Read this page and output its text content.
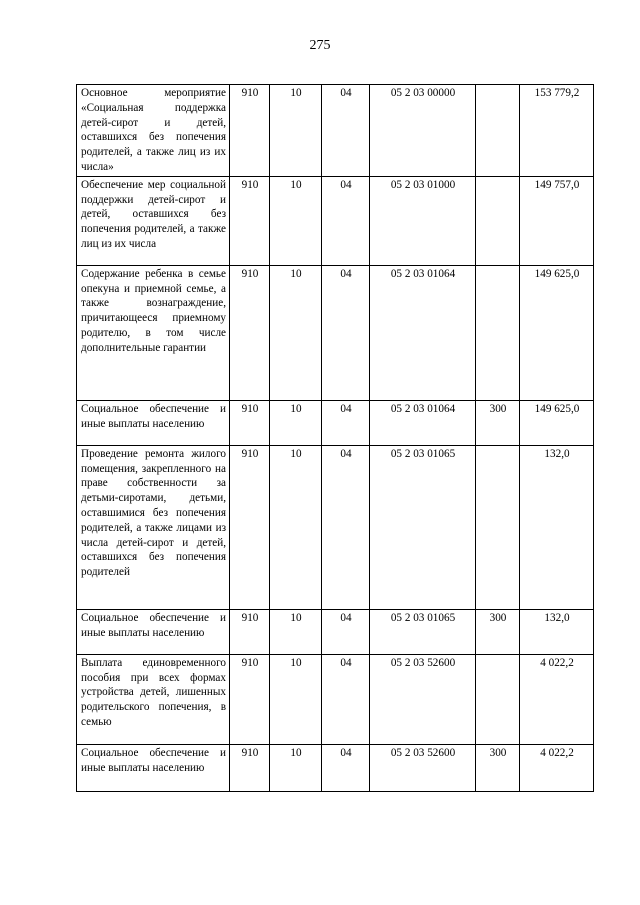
275
Основное мероприятие «Социальная поддержка детей-сирот и детей, оставшихся без попечения родителей, а также лиц из их числа»	910	10	04	05 2 03 00000		153 779,2
Обеспечение мер социальной поддержки детей-сирот и детей, оставшихся без попечения родителей, а также лиц из их числа	910	10	04	05 2 03 01000		149 757,0
Содержание ребенка в семье опекуна и приемной семье, а также вознаграждение, причитающееся приемному родителю, в том числе дополнительные гарантии	910	10	04	05 2 03 01064		149 625,0
Социальное обеспечение и иные выплаты населению	910	10	04	05 2 03 01064	300	149 625,0
Проведение ремонта жилого помещения, закрепленного на праве собственности за детьми-сиротами, детьми, оставшимися без попечения родителей, а также лицами из числа детей-сирот и детей, оставшихся без попечения родителей	910	10	04	05 2 03 01065		132,0
Социальное обеспечение и иные выплаты населению	910	10	04	05 2 03 01065	300	132,0
Выплата единовременного пособия при всех формах устройства детей, лишенных родительского попечения, в семью	910	10	04	05 2 03 52600		4 022,2
Социальное обеспечение и иные выплаты населению	910	10	04	05 2 03 52600	300	4 022,2
